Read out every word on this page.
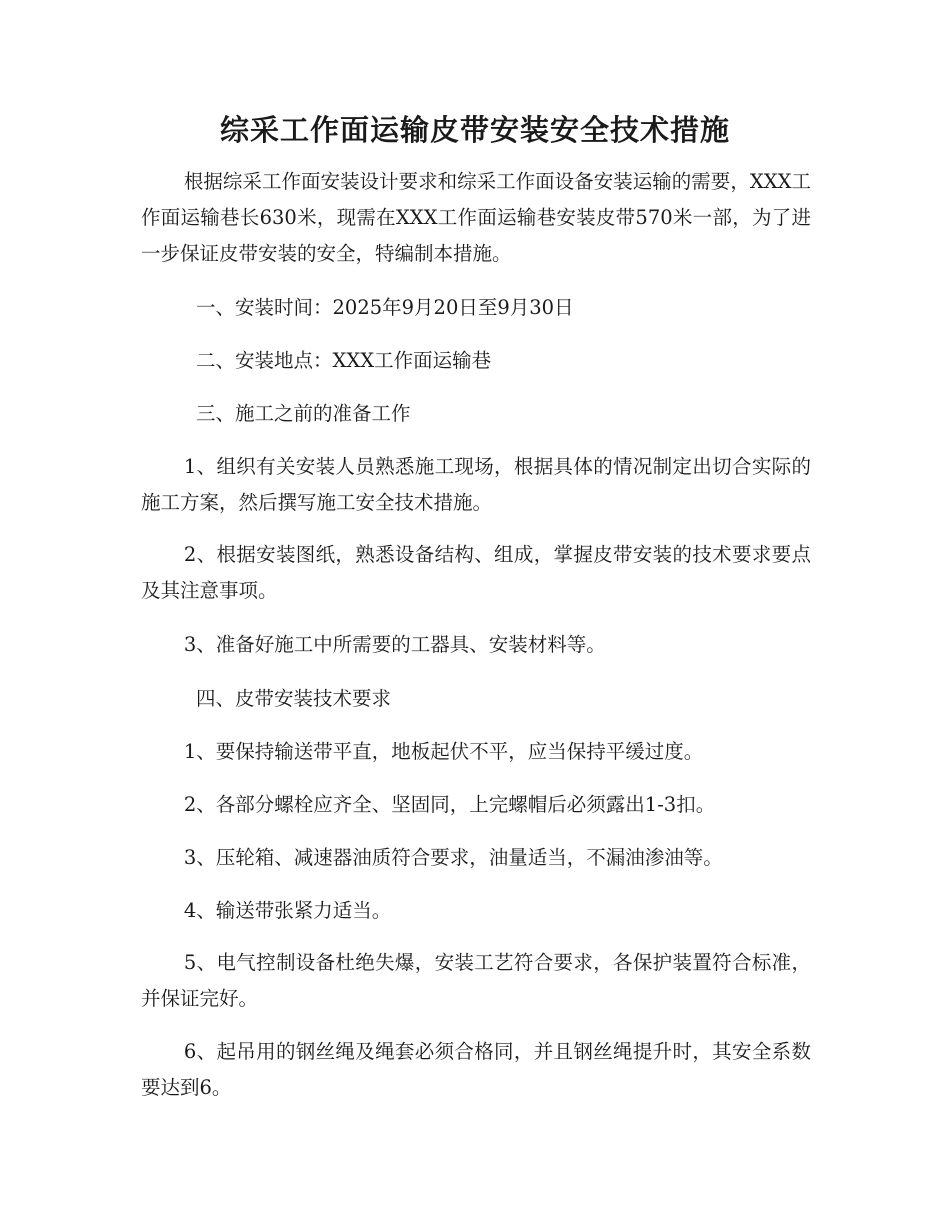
综采工作面运输皮带安装安全技术措施
根据综采工作面安装设计要求和综采工作面设备安装运输的需要，XXX工作面运输巷长630米，现需在XXX工作面运输巷安装皮带570米一部，为了进一步保证皮带安装的安全，特编制本措施。
一、安装时间：2025年9月20日至9月30日
二、安装地点：XXX工作面运输巷
三、施工之前的准备工作
1、组织有关安装人员熟悉施工现场，根据具体的情况制定出切合实际的施工方案，然后撰写施工安全技术措施。
2、根据安装图纸，熟悉设备结构、组成，掌握皮带安装的技术要求要点及其注意事项。
3、准备好施工中所需要的工器具、安装材料等。
四、皮带安装技术要求
1、要保持输送带平直，地板起伏不平，应当保持平缓过度。
2、各部分螺栓应齐全、坚固同，上完螺帽后必须露出1-3扣。
3、压轮箱、减速器油质符合要求，油量适当，不漏油渗油等。
4、输送带张紧力适当。
5、电气控制设备杜绝失爆，安装工艺符合要求，各保护装置符合标准，并保证完好。
6、起吊用的钢丝绳及绳套必须合格同，并且钢丝绳提升时，其安全系数要达到6。
